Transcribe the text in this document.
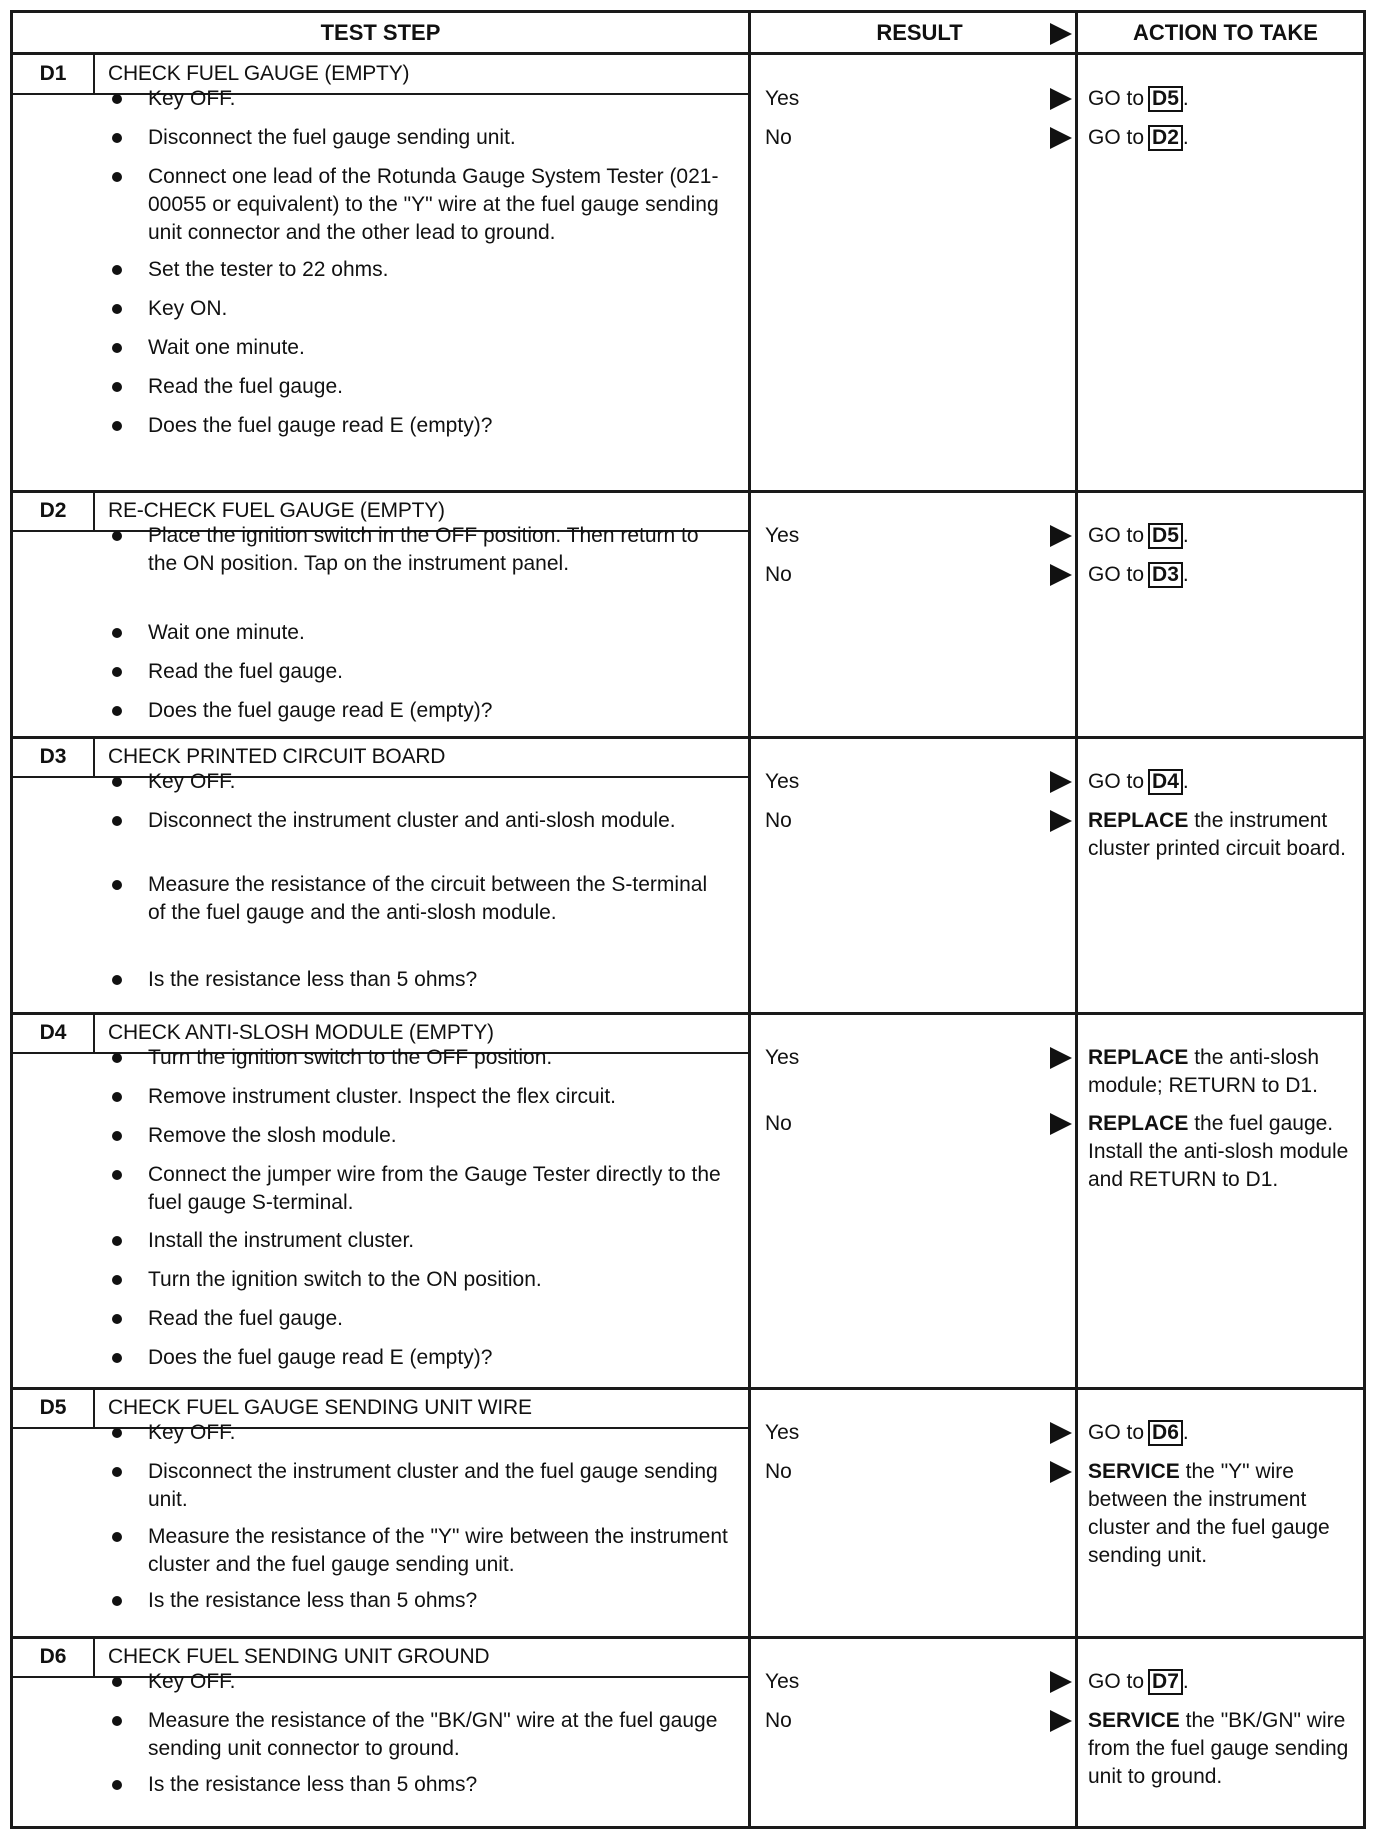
TEST STEP	RESULT	ACTION TO TAKE
D1	CHECK FUEL GAUGE (EMPTY)
Key OFF.
Disconnect the fuel gauge sending unit.
Connect one lead of the Rotunda Gauge System Tester (021-00055 or equivalent) to the "Y" wire at the fuel gauge sending unit connector and the other lead to ground.
Set the tester to 22 ohms.
Key ON.
Wait one minute.
Read the fuel gauge.
Does the fuel gauge read E (empty)?
Yes	GO to D5 .
No	GO to D2 .
D2	RE-CHECK FUEL GAUGE (EMPTY)
Place the ignition switch in the OFF position. Then return to the ON position. Tap on the instrument panel.
Wait one minute.
Read the fuel gauge.
Does the fuel gauge read E (empty)?
Yes	GO to D5 .
No	GO to D3 .
D3	CHECK PRINTED CIRCUIT BOARD
Key OFF.
Disconnect the instrument cluster and anti-slosh module.
Measure the resistance of the circuit between the S-terminal of the fuel gauge and the anti-slosh module.
Is the resistance less than 5 ohms?
Yes	GO to D4 .
No	REPLACE the instrument cluster printed circuit board.
D4	CHECK ANTI-SLOSH MODULE (EMPTY)
Turn the ignition switch to the OFF position.
Remove instrument cluster. Inspect the flex circuit.
Remove the slosh module.
Connect the jumper wire from the Gauge Tester directly to the fuel gauge S-terminal.
Install the instrument cluster.
Turn the ignition switch to the ON position.
Read the fuel gauge.
Does the fuel gauge read E (empty)?
Yes	REPLACE the anti-slosh module; RETURN to D1.
No	REPLACE the fuel gauge. Install the anti-slosh module and RETURN to D1.
D5	CHECK FUEL GAUGE SENDING UNIT WIRE
Key OFF.
Disconnect the instrument cluster and the fuel gauge sending unit.
Measure the resistance of the "Y" wire between the instrument cluster and the fuel gauge sending unit.
Is the resistance less than 5 ohms?
Yes	GO to D6 .
No	SERVICE the "Y" wire between the instrument cluster and the fuel gauge sending unit.
D6	CHECK FUEL SENDING UNIT GROUND
Key OFF.
Measure the resistance of the "BK/GN" wire at the fuel gauge sending unit connector to ground.
Is the resistance less than 5 ohms?
Yes	GO to D7 .
No	SERVICE the "BK/GN" wire from the fuel gauge sending unit to ground.
